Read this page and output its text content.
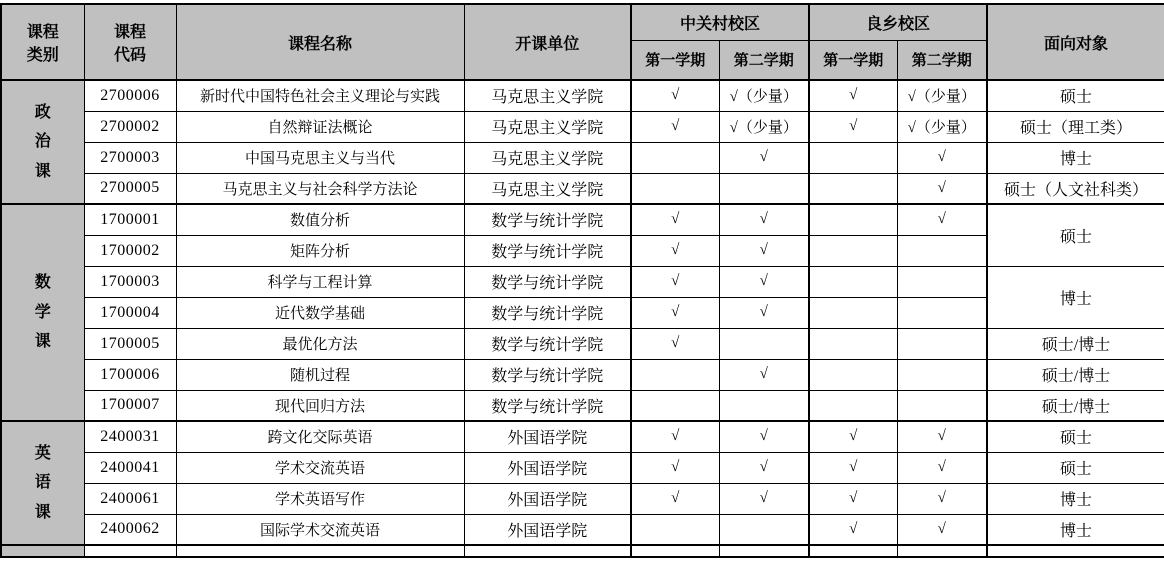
课程
类别

课程
代码
	课程名称	开课单位	中关村校区	良乡校区	面向对象
				第一学期	第二学期	第一学期	第二学期	

政治课	2700006	新时代中国特色社会主义理论与实践	马克思主义学院	√	√（少量）	√	√（少量）	硕士
	2700002	自然辩证法概论	马克思主义学院	√	√（少量）	√	√（少量）	硕士（理工类）
	2700003	中国马克思主义与当代	马克思主义学院		√		√	博士
	2700005	马克思主义与社会科学方法论	马克思主义学院				√	硕士（人文社科类）

数学课	1700001	数值分析	数学与统计学院	√	√		√	硕士
	1700002	矩阵分析	数学与统计学院	√	√			
	1700003	科学与工程计算	数学与统计学院	√	√			博士
	1700004	近代数学基础	数学与统计学院	√	√			
	1700005	最优化方法	数学与统计学院	√				硕士/博士
	1700006	随机过程	数学与统计学院		√			硕士/博士
	1700007	现代回归方法	数学与统计学院					硕士/博士

英语课	2400031	跨文化交际英语	外国语学院	√	√	√	√	硕士
	2400041	学术交流英语	外国语学院	√	√	√	√	硕士
	2400061	学术英语写作	外国语学院	√	√	√	√	博士
	2400062	国际学术交流英语	外国语学院			√	√	博士
